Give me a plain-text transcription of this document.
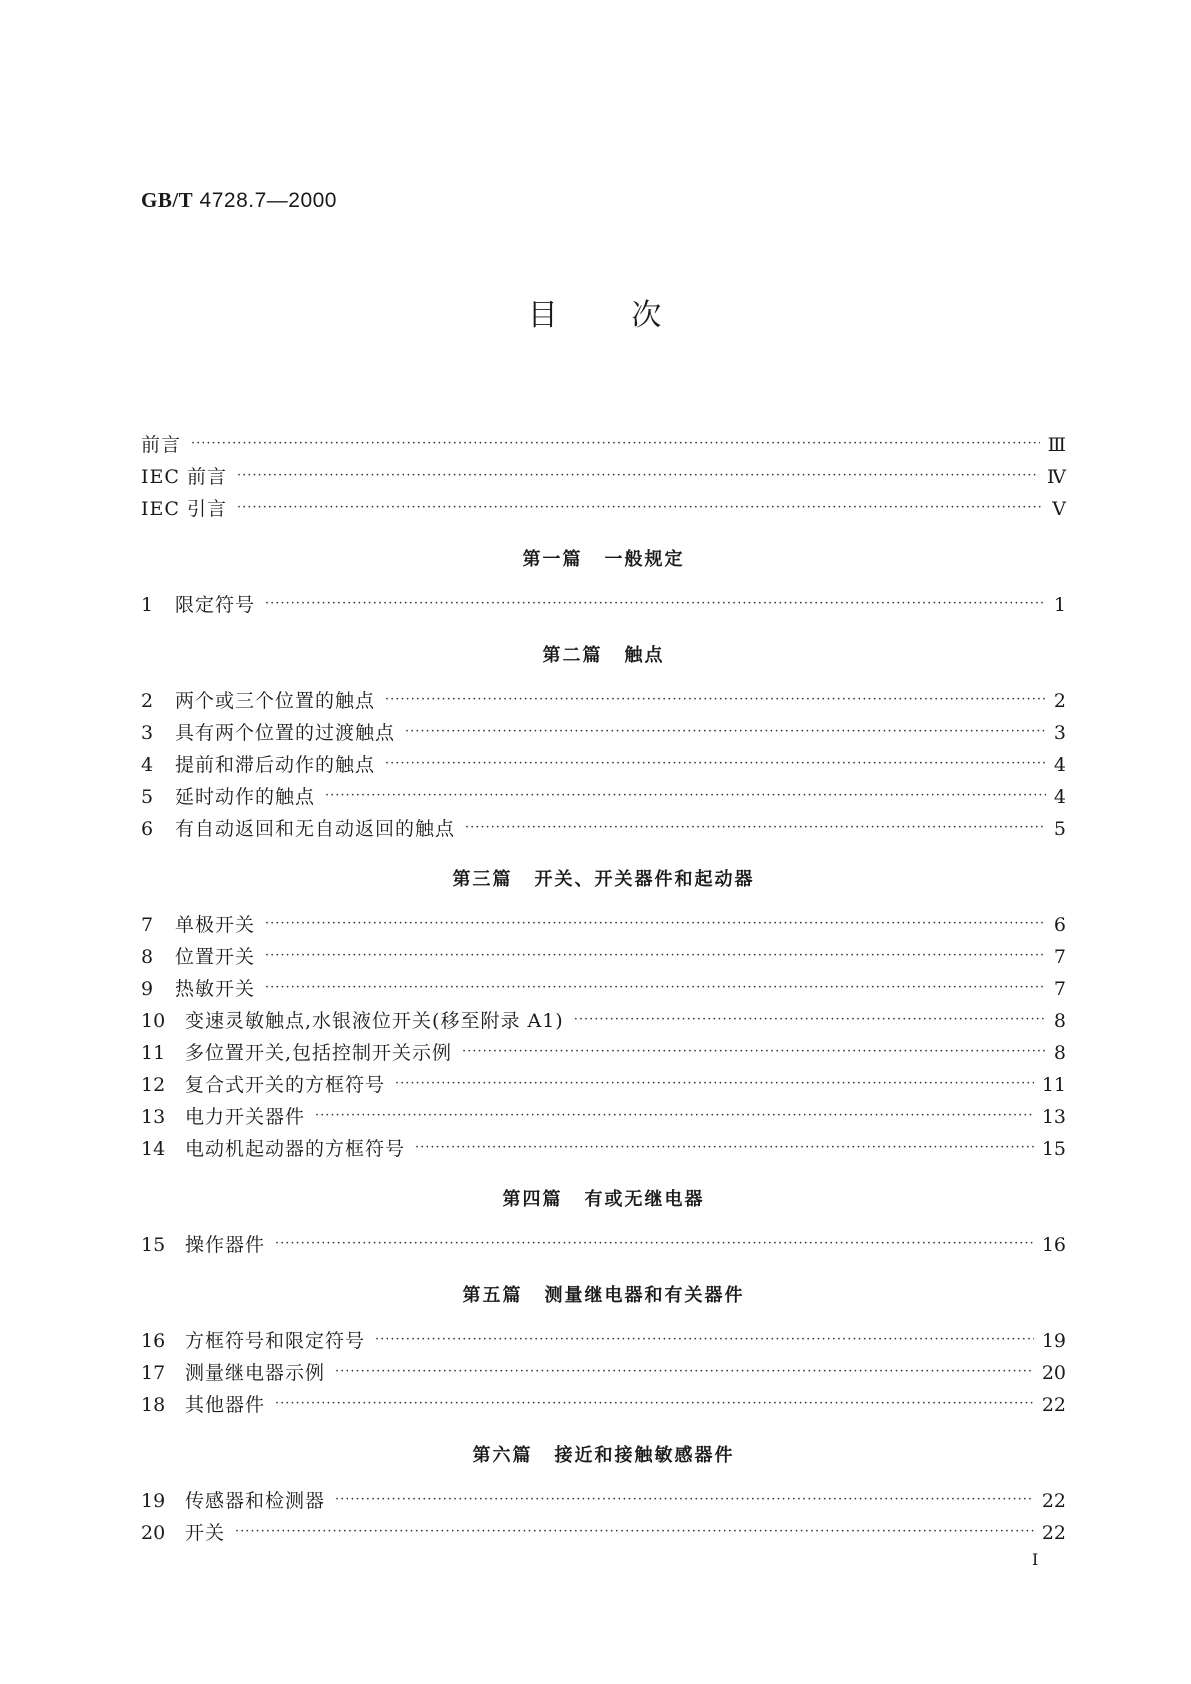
GB/T 4728.7—2000
目 次
前言 ·····	Ⅲ
IEC 前言 ·····	Ⅳ
IEC 引言 ·····	Ⅴ
第一篇 一般规定
1	限定符号 ·····	1
第二篇 触点
2	两个或三个位置的触点 ·····	2
3	具有两个位置的过渡触点 ·····	3
4	提前和滞后动作的触点 ·····	4
5	延时动作的触点 ·····	4
6	有自动返回和无自动返回的触点 ·····	5
第三篇 开关、开关器件和起动器
7	单极开关 ·····	6
8	位置开关 ·····	7
9	热敏开关 ·····	7
10	变速灵敏触点,水银液位开关(移至附录 A1) ·····	8
11	多位置开关,包括控制开关示例 ·····	8
12	复合式开关的方框符号 ·····	11
13	电力开关器件 ·····	13
14	电动机起动器的方框符号 ·····	15
第四篇 有或无继电器
15	操作器件 ·····	16
第五篇 测量继电器和有关器件
16	方框符号和限定符号 ·····	19
17	测量继电器示例 ·····	20
18	其他器件 ·····	22
第六篇 接近和接触敏感器件
19	传感器和检测器 ·····	22
20	开关 ·····	22
I
